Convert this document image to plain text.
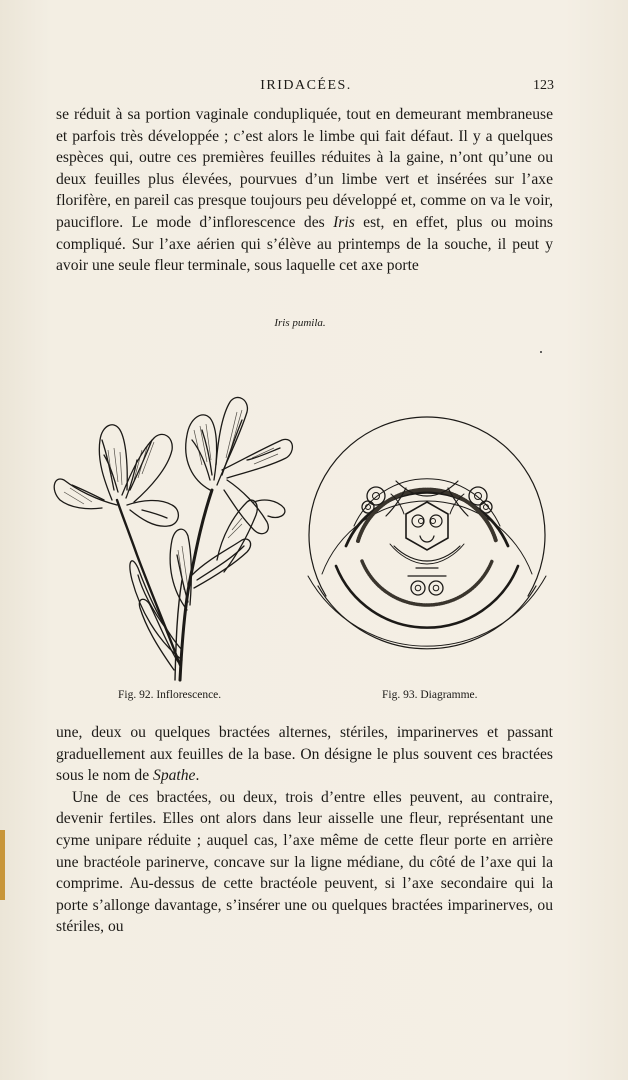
IRIDACÉES.	123

se réduit à sa portion vaginale condupliquée, tout en demeurant membraneuse et parfois très développée ; c’est alors le limbe qui fait défaut. Il y a quelques espèces qui, outre ces premières feuilles réduites à la gaine, n’ont qu’une ou deux feuilles plus élevées, pourvues d’un limbe vert et insérées sur l’axe florifère, en pareil cas presque toujours peu développé et, comme on va le voir, pauciflore. Le mode d’inflorescence des Iris est, en effet, plus ou moins compliqué. Sur l’axe aérien qui s’élève au printemps de la souche, il peut y avoir une seule fleur terminale, sous laquelle cet axe porte

Iris pumila.
Fig. 92. Inflorescence.	Fig. 93. Diagramme.

une, deux ou quelques bractées alternes, stériles, imparinerves et passant graduellement aux feuilles de la base. On désigne le plus souvent ces bractées sous le nom de Spathe.

Une de ces bractées, ou deux, trois d’entre elles peuvent, au contraire, devenir fertiles. Elles ont alors dans leur aisselle une fleur, représentant une cyme unipare réduite ; auquel cas, l’axe même de cette fleur porte en arrière une bractéole parinerve, concave sur la ligne médiane, du côté de l’axe qui la comprime. Au-dessus de cette bractéole peuvent, si l’axe secondaire qui la porte s’allonge davantage, s’insérer une ou quelques bractées imparinerves, ou stériles, ou
